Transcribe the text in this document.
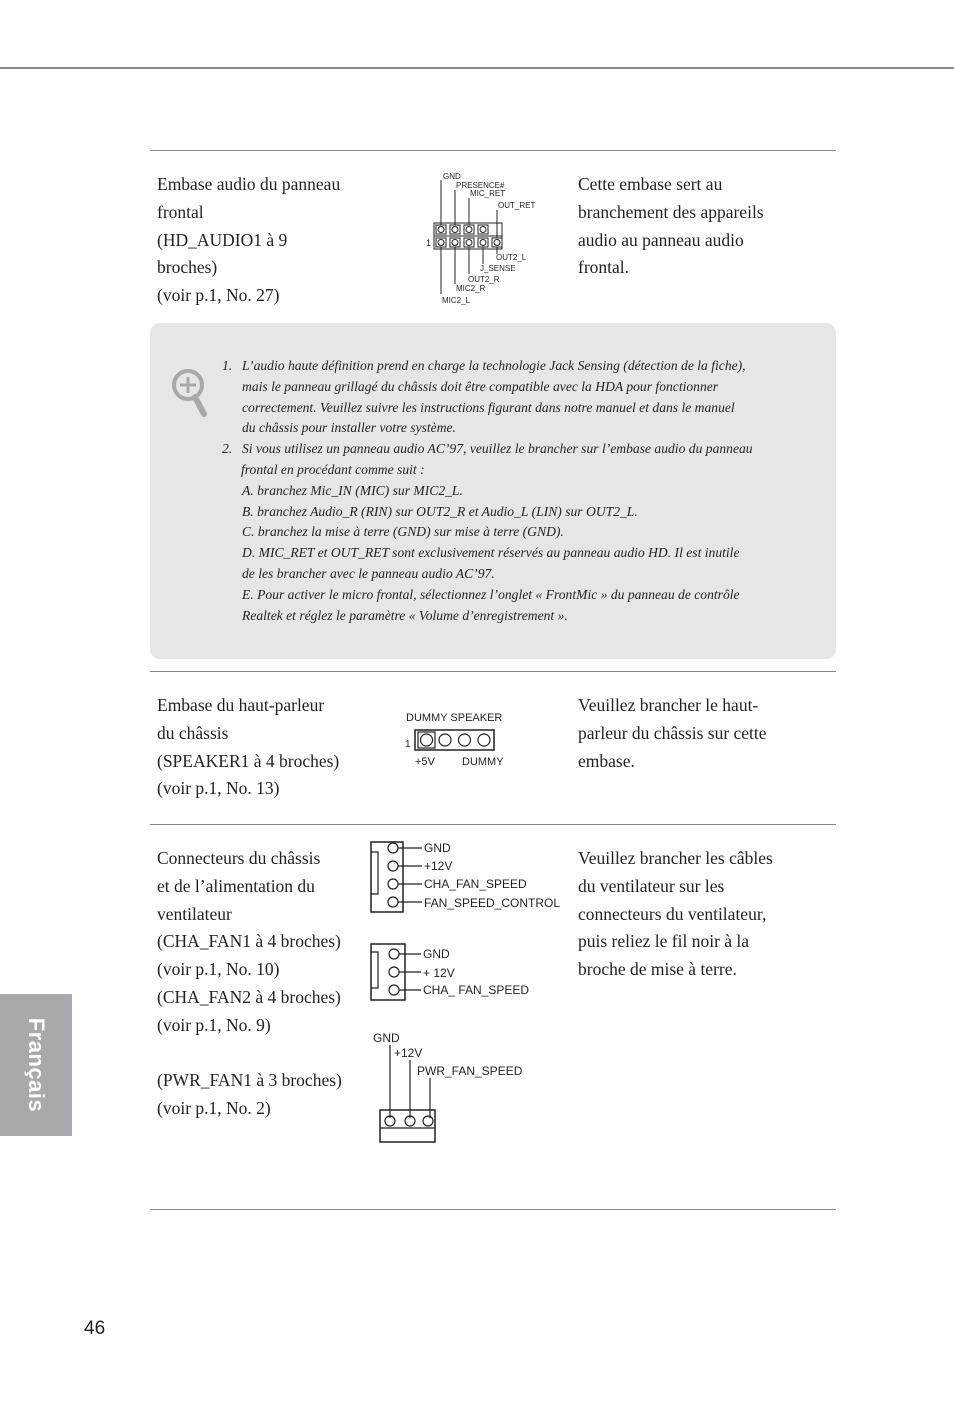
Embase audio du panneau
frontal
(HD_AUDIO1 à 9
broches)
(voir p.1, No. 27)
Cette embase sert au
branchement des appareils
audio au panneau audio
frontal.
GND
PRESENCE#
MIC_RET
OUT_RET
1
OUT2_L
J_SENSE
OUT2_R
MIC2_R
MIC2_L
1. L’audio haute définition prend en charge la technologie Jack Sensing (détection de la fiche),
mais le panneau grillagé du châssis doit être compatible avec la HDA pour fonctionner
correctement. Veuillez suivre les instructions figurant dans notre manuel et dans le manuel
du châssis pour installer votre système.
2. Si vous utilisez un panneau audio AC’97, veuillez le brancher sur l’embase audio du panneau
frontal en procédant comme suit :
A. branchez Mic_IN (MIC) sur MIC2_L.
B. branchez Audio_R (RIN) sur OUT2_R et Audio_L (LIN) sur OUT2_L.
C. branchez la mise à terre (GND) sur mise à terre (GND).
D. MIC_RET et OUT_RET sont exclusivement réservés au panneau audio HD. Il est inutile
de les brancher avec le panneau audio AC’97.
E. Pour activer le micro frontal, sélectionnez l’onglet « FrontMic » du panneau de contrôle
Realtek et réglez le paramètre « Volume d’enregistrement ».
Embase du haut-parleur
du châssis
(SPEAKER1 à 4 broches)
(voir p.1, No. 13)
Veuillez brancher le haut-
parleur du châssis sur cette
embase.
DUMMY SPEAKER
1
+5V DUMMY
Connecteurs du châssis
et de l’alimentation du
ventilateur
(CHA_FAN1 à 4 broches)
(voir p.1, No. 10)
(CHA_FAN2 à 4 broches)
(voir p.1, No. 9)
(PWR_FAN1 à 3 broches)
(voir p.1, No. 2)
Veuillez brancher les câbles
du ventilateur sur les
connecteurs du ventilateur,
puis reliez le fil noir à la
broche de mise à terre.
GND
+12V
CHA_FAN_SPEED
FAN_SPEED_CONTROL
GND
+ 12V
CHA_ FAN_SPEED
GND
+12V
PWR_FAN_SPEED
Français
46
